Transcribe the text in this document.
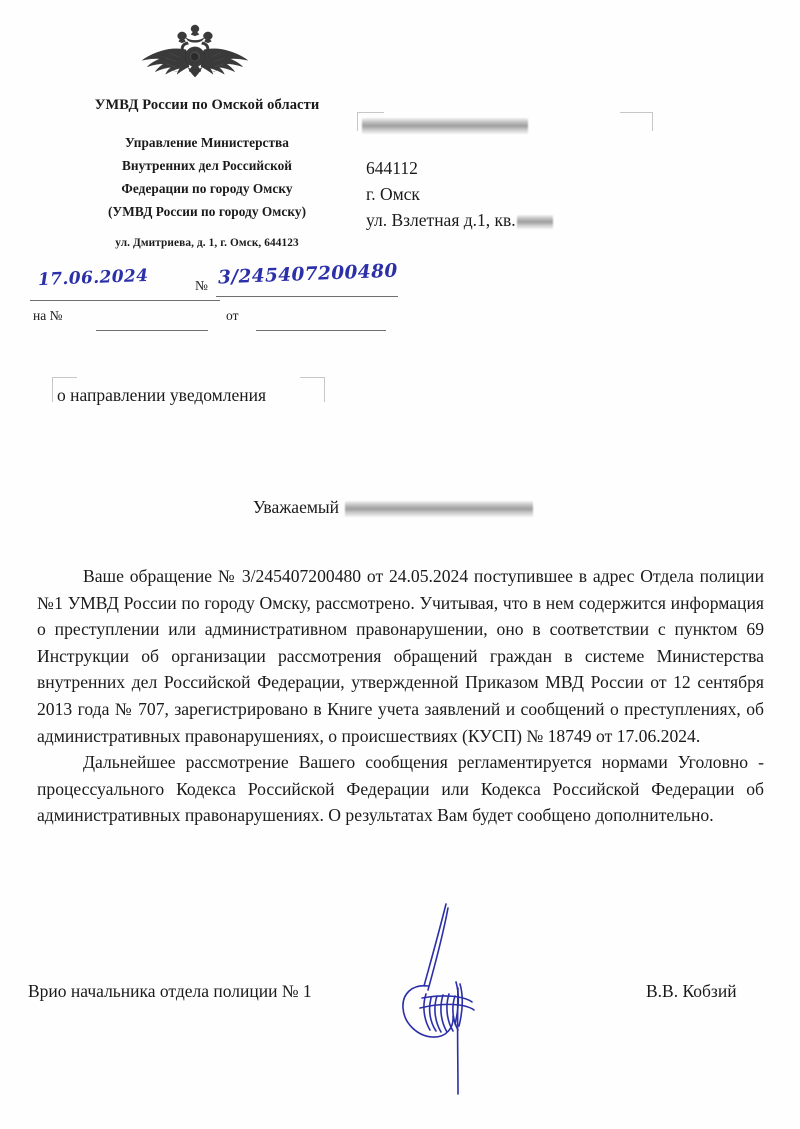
УМВД России по Омской области
Управление Министерства
Внутренних дел Российской
Федерации по городу Омску
(УМВД России по городу Омску)
ул. Дмитриева, д. 1, г. Омск, 644123
644112
г. Омск
ул. Взлетная д.1, кв.
17.06.2024	№ 3/245407200480
на №	от
о направлении уведомления
Уважаемый

Ваше обращение № 3/245407200480 от 24.05.2024 поступившее в адрес Отдела полиции №1 УМВД России по городу Омску, рассмотрено. Учитывая, что в нем содержится информация о преступлении или административном правонарушении, оно в соответствии с пунктом 69 Инструкции об организации рассмотрения обращений граждан в системе Министерства внутренних дел Российской Федерации, утвержденной Приказом МВД России от 12 сентября 2013 года № 707, зарегистрировано в Книге учета заявлений и сообщений о преступлениях, об административных правонарушениях, о происшествиях (КУСП) № 18749 от 17.06.2024.

Дальнейшее рассмотрение Вашего сообщения регламентируется нормами Уголовно - процессуального Кодекса Российской Федерации или Кодекса Российской Федерации об административных правонарушениях. О результатах Вам будет сообщено дополнительно.

Врио начальника отдела полиции № 1	В.В. Кобзий
